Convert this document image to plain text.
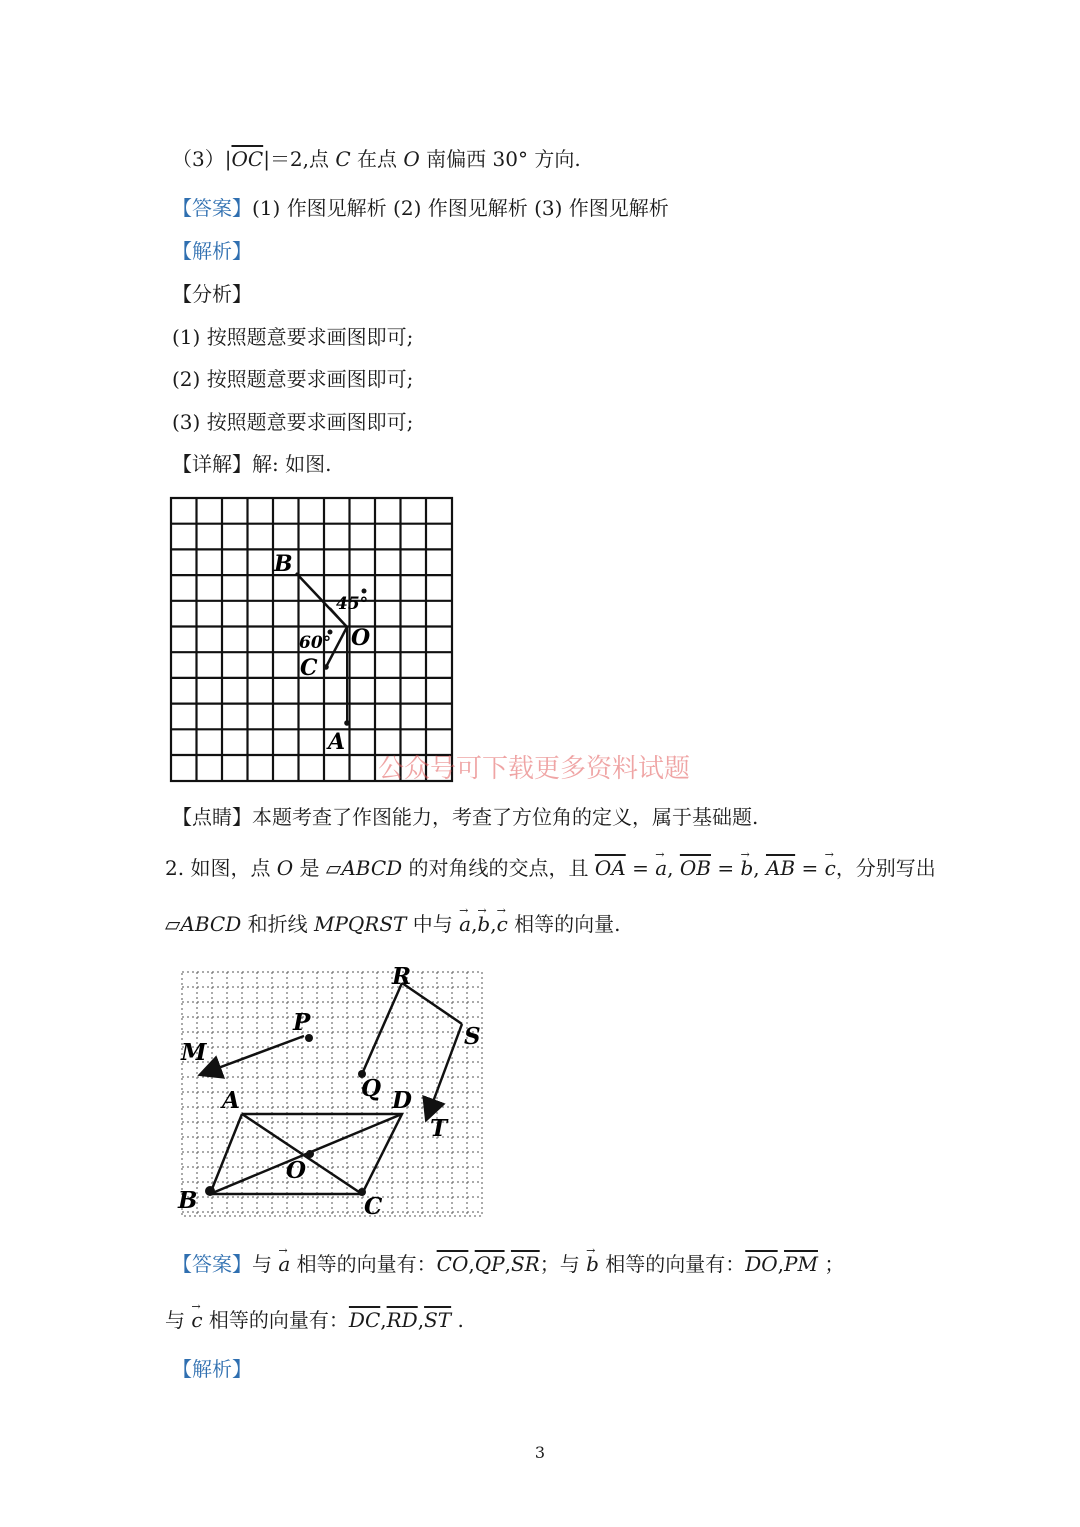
$(3)|\overline{OC}|=2$,点 C 在点 O 南偏西 30° 方向.
【答案】(1) 作图见解析 (2) 作图见解析 (3) 作图见解析
【解析】
【分析】
(1) 按照题意要求画图即可;
(2) 按照题意要求画图即可;
(3) 按照题意要求画图即可;
【详解】解: 如图.
B
O
C
A
45°
60°
公众号可下载更多资料试题
【点睛】本题考查了作图能力，考查了方位角的定义，属于基础题.
2. 如图，点 O 是 ▱ABCD 的对角线的交点，且 $\overline{OA}$ = → a, $\overline{OB}$ = → b, $\overline{AB}$ = → c，分别写出
▱ABCD 和折线 MPQRST 中与 → a,→ b,→ c 相等的向量.
R
P
S
M
Q
A	D
T
O
B	C
【答案】与 → a 相等的向量有：$\overline{CO},\overline{QP},\overline{SR}$；与 → b 相等的向量有：$\overline{DO},\overline{PM}$ ；
与 → c 相等的向量有：$\overline{DC},\overline{RD},\overline{ST}$ .
【解析】
3
